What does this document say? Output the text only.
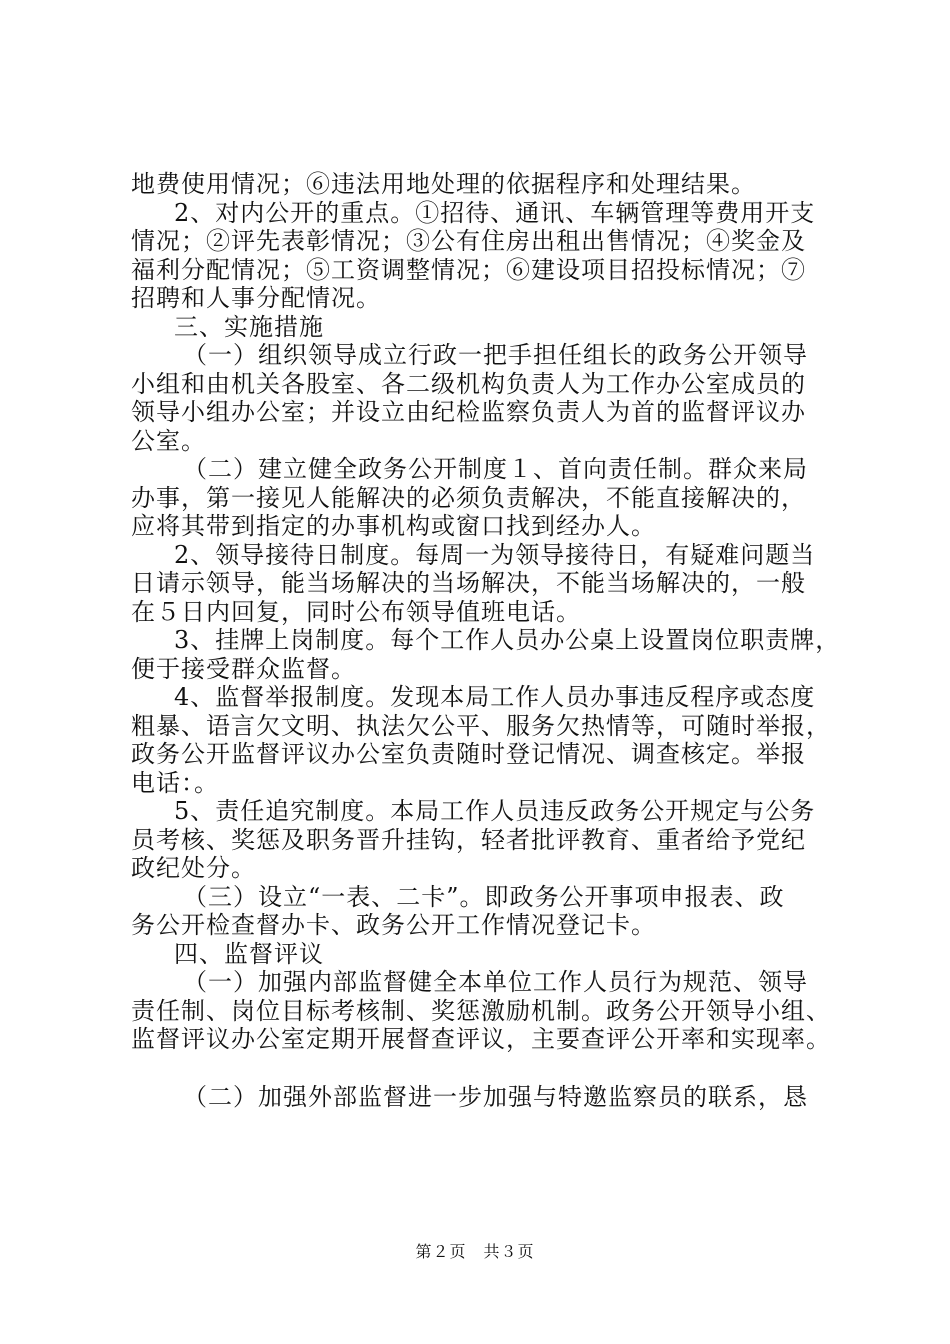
地费使用情况；⑥违法用地处理的依据程序和处理结果。
2、对内公开的重点。①招待、通讯、车辆管理等费用开支
情况；②评先表彰情况；③公有住房出租出售情况；④奖金及
福利分配情况；⑤工资调整情况；⑥建设项目招投标情况；⑦
招聘和人事分配情况。
三、实施措施
（一）组织领导成立行政一把手担任组长的政务公开领导
小组和由机关各股室、各二级机构负责人为工作办公室成员的
领导小组办公室；并设立由纪检监察负责人为首的监督评议办
公室。
（二）建立健全政务公开制度１、首向责任制。群众来局
办事，第一接见人能解决的必须负责解决，不能直接解决的，
应将其带到指定的办事机构或窗口找到经办人。
2、领导接待日制度。每周一为领导接待日，有疑难问题当
日请示领导，能当场解决的当场解决，不能当场解决的，一般
在５日内回复，同时公布领导值班电话。
3、挂牌上岗制度。每个工作人员办公桌上设置岗位职责牌，
便于接受群众监督。
4、监督举报制度。发现本局工作人员办事违反程序或态度
粗暴、语言欠文明、执法欠公平、服务欠热情等，可随时举报，
政务公开监督评议办公室负责随时登记情况、调查核定。举报
电话：。
5、责任追究制度。本局工作人员违反政务公开规定与公务
员考核、奖惩及职务晋升挂钩，轻者批评教育、重者给予党纪
政纪处分。
（三）设立“一表、二卡”。即政务公开事项申报表、政
务公开检查督办卡、政务公开工作情况登记卡。
四、监督评议
（一）加强内部监督健全本单位工作人员行为规范、领导
责任制、岗位目标考核制、奖惩激励机制。政务公开领导小组、
监督评议办公室定期开展督查评议，主要查评公开率和实现率。
（二）加强外部监督进一步加强与特邀监察员的联系，恳
第２页　共３页
